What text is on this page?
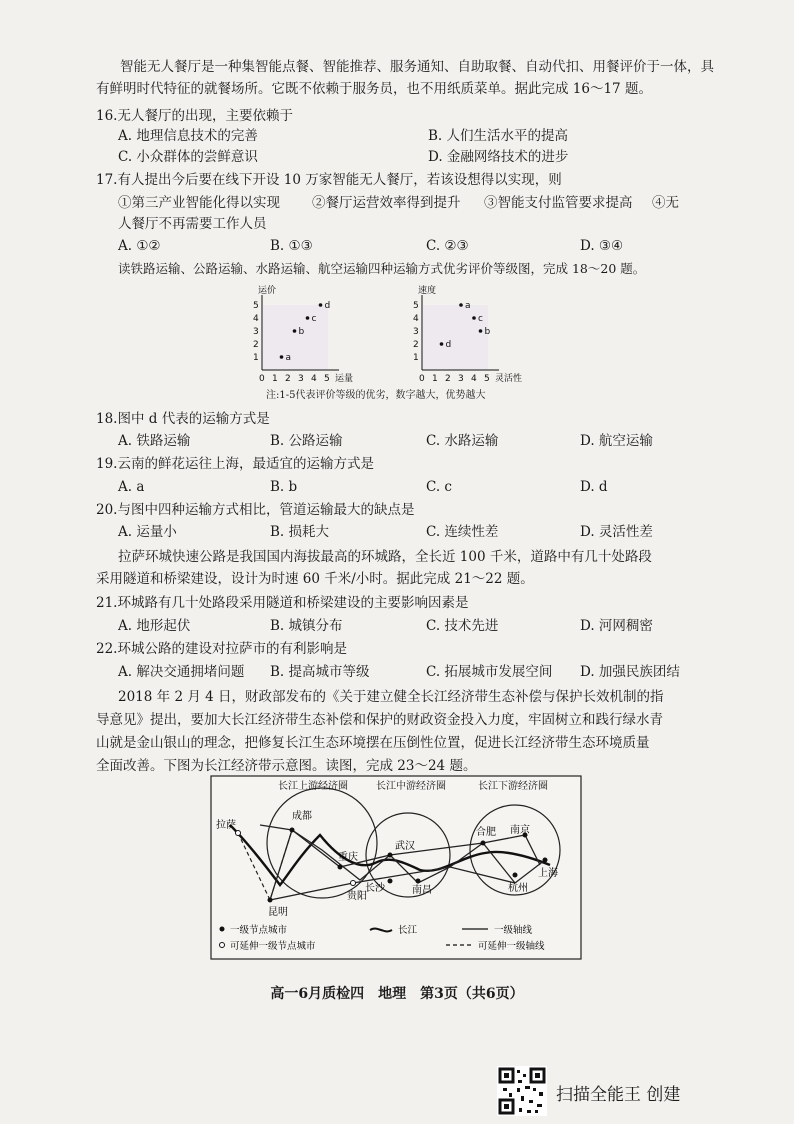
智能无人餐厅是一种集智能点餐、智能推荐、服务通知、自助取餐、自动代扣、用餐评价于一体，具
有鲜明时代特征的就餐场所。它既不依赖于服务员，也不用纸质菜单。据此完成 16～17 题。
16.无人餐厅的出现，主要依赖于
A. 地理信息技术的完善	B. 人们生活水平的提高
C. 小众群体的尝鲜意识	D. 金融网络技术的进步
17.有人提出今后要在线下开设 10 万家智能无人餐厅，若该设想得以实现，则
①第三产业智能化得以实现 ②餐厅运营效率得到提升 ③智能支付监管要求提高 ④无
人餐厅不再需要工作人员
A. ①②	B. ①③	C. ②③	D. ③④
读铁路运输、公路运输、水路运输、航空运输四种运输方式优劣评价等级图，完成 18～20 题。
0 1
1
2
2
3
3
4
4
5
5
运价
运量
a
b
c
d
0 1
1
2
2
3
3
4
4
5
5
速度
灵活性
a
b
c
d
注:1-5代表评价等级的优劣，数字越大，优势越大
18.图中 d 代表的运输方式是
A. 铁路运输	B. 公路运输	C. 水路运输	D. 航空运输
19.云南的鲜花运往上海，最适宜的运输方式是
A. a	B. b	C. c	D. d
20.与图中四种运输方式相比，管道运输最大的缺点是
A. 运量小	B. 损耗大	C. 连续性差	D. 灵活性差
拉萨环城快速公路是我国国内海拔最高的环城路，全长近 100 千米，道路中有几十处路段
采用隧道和桥梁建设，设计为时速 60 千米/小时。据此完成 21～22 题。
21.环城路有几十处路段采用隧道和桥梁建设的主要影响因素是
A. 地形起伏	B. 城镇分布	C. 技术先进	D. 河网稠密
22.环城公路的建设对拉萨市的有利影响是
A. 解决交通拥堵问题 B. 提高城市等级	C. 拓展城市发展空间 D. 加强民族团结
2018 年 2 月 4 日，财政部发布的《关于建立健全长江经济带生态补偿与保护长效机制的指
导意见》提出，要加大长江经济带生态补偿和保护的财政资金投入力度，牢固树立和践行绿水青
山就是金山银山的理念，把修复长江生态环境摆在压倒性位置，促进长江经济带生态环境质量
全面改善。下图为长江经济带示意图。读图，完成 23～24 题。
长江上游经济圈	长江中游经济圈	长江下游经济圈
拉萨
成都
重庆
昆明
贵阳
武汉
长沙	南昌
合肥 南京
上海
杭州
一级节点城市
可延伸一级节点城市
长江	一级轴线
可延伸一级轴线
高一6月质检四　地理　第3页（共6页）
扫描全能王 创建
